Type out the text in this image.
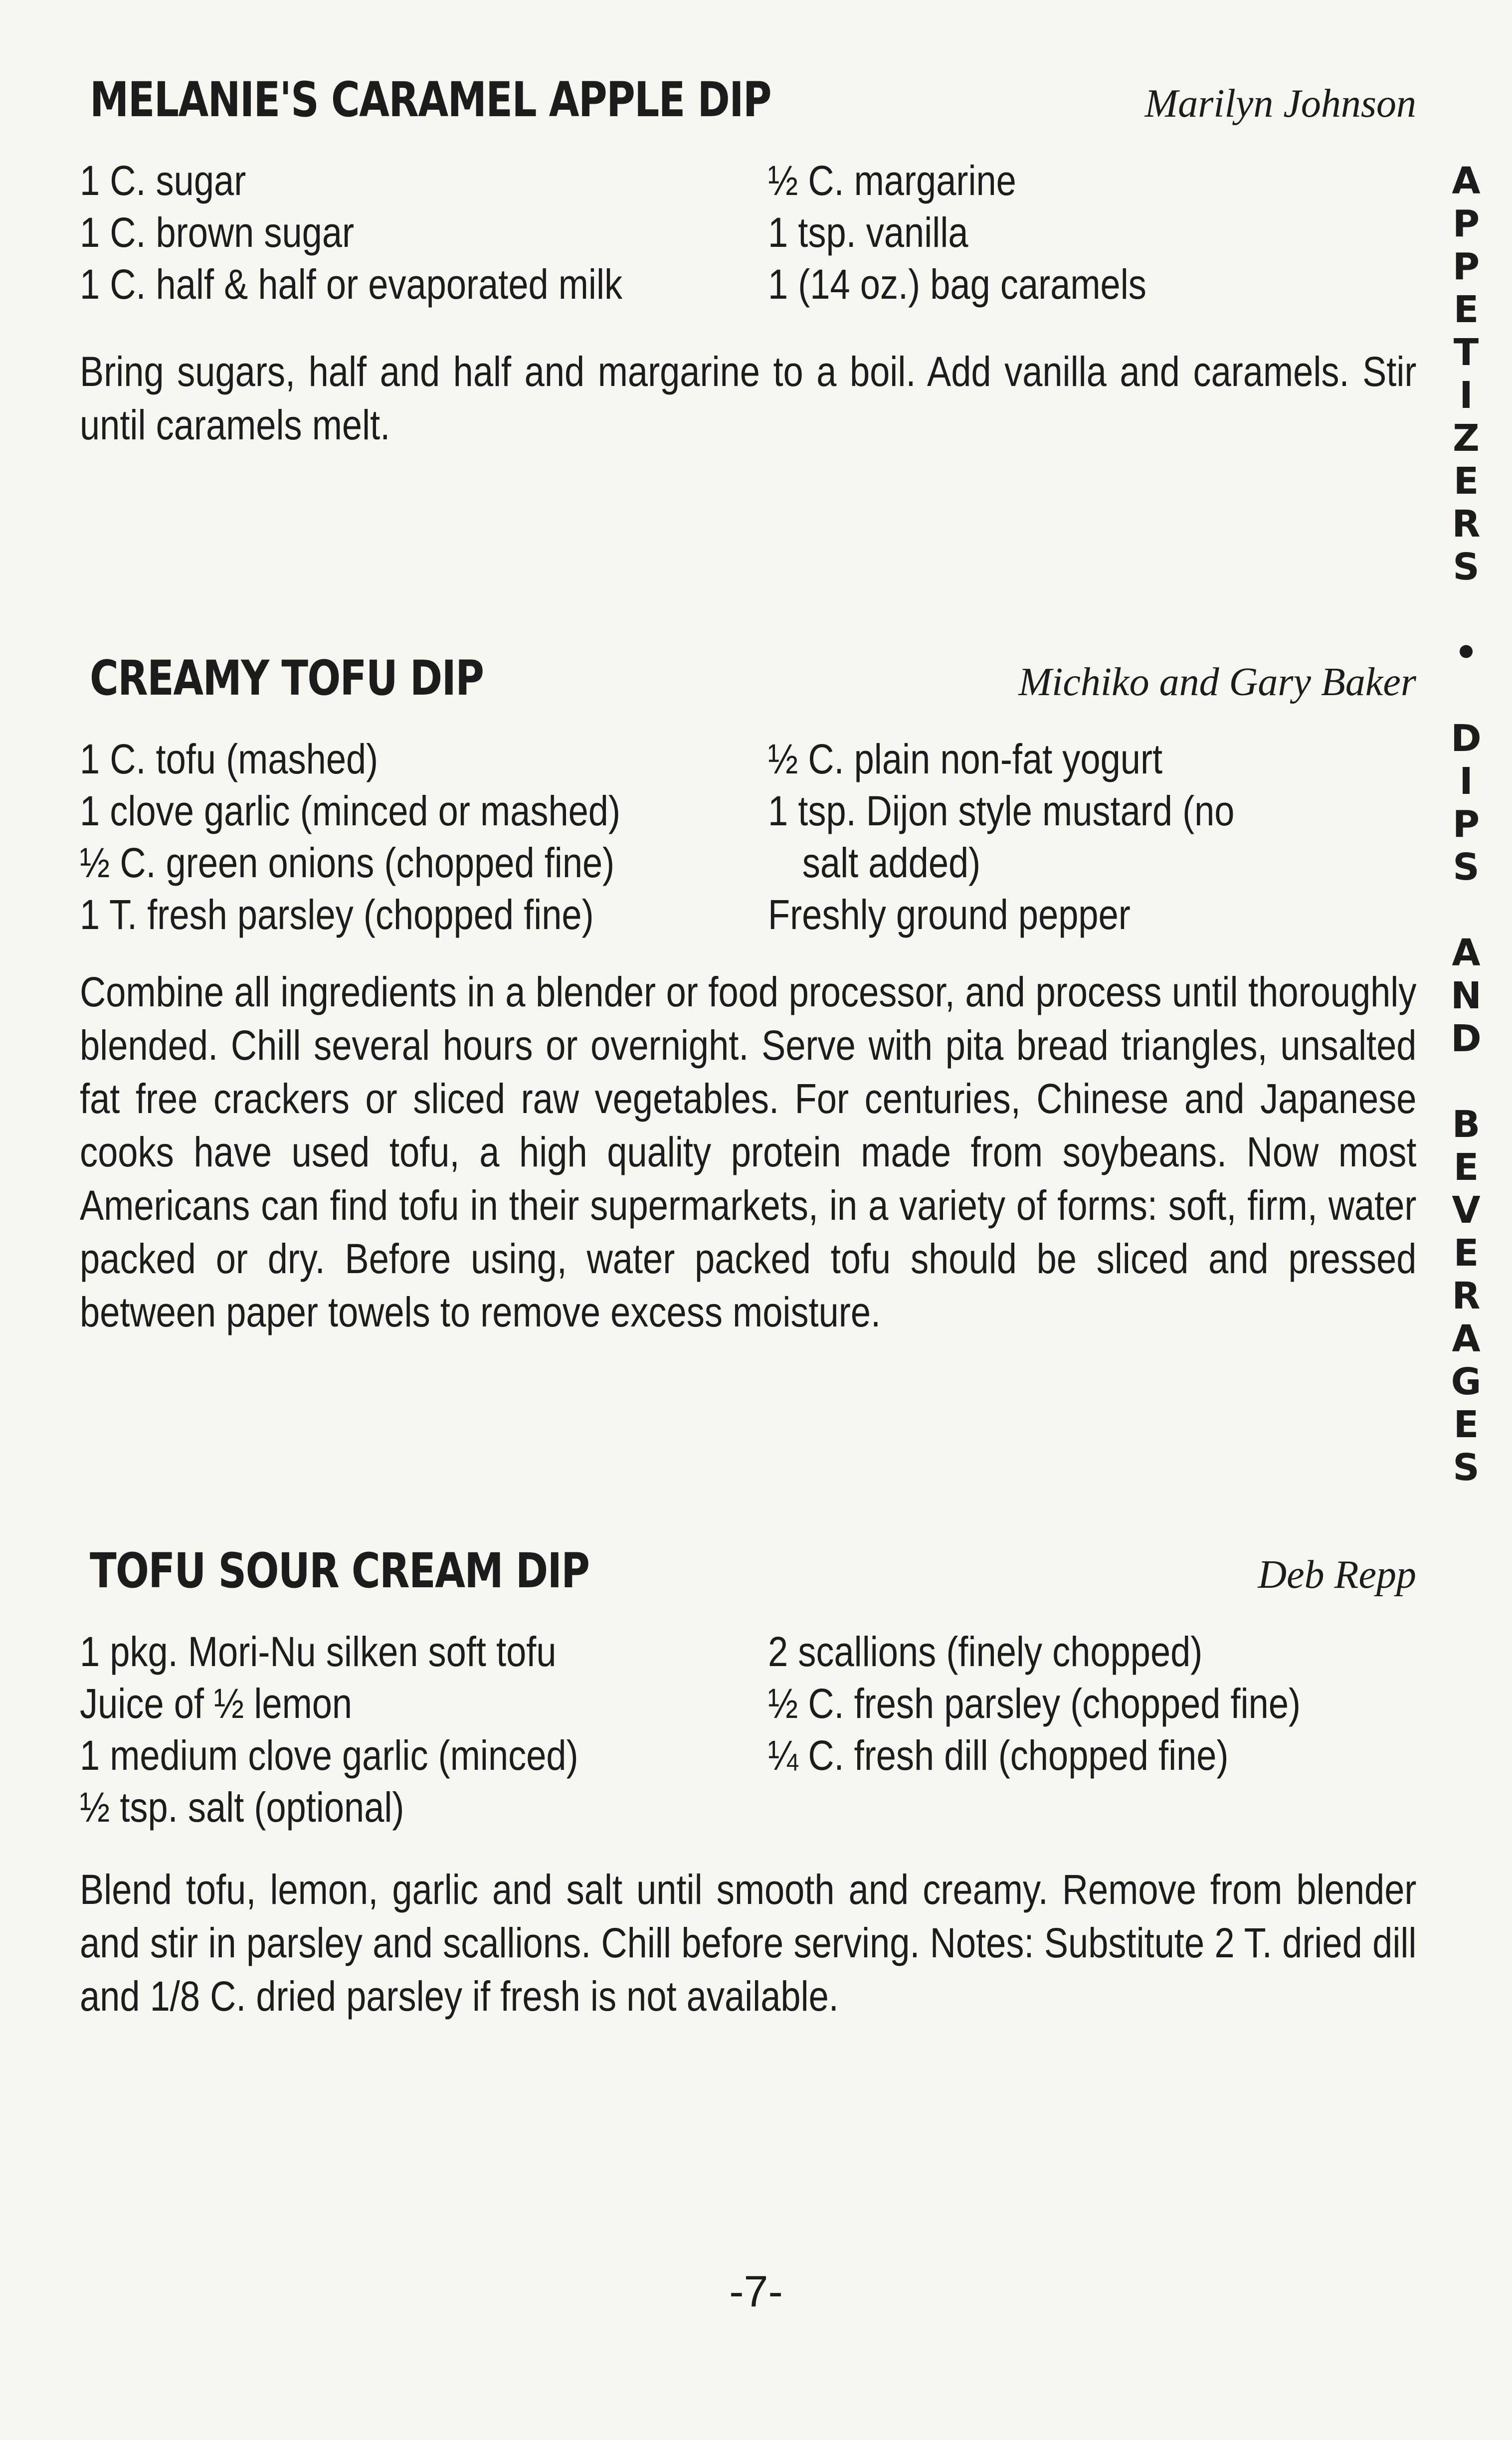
MELANIE'S CARAMEL APPLE DIP	Marilyn Johnson
1 C. sugar
1 C. brown sugar
1 C. half & half or evaporated milk
½ C. margarine
1 tsp. vanilla
1 (14 oz.) bag caramels
Bring sugars, half and half and margarine to a boil. Add vanilla and caramels. Stir until caramels melt.
CREAMY TOFU DIP	Michiko and Gary Baker
1 C. tofu (mashed)
1 clove garlic (minced or mashed)
½ C. green onions (chopped fine)
1 T. fresh parsley (chopped fine)
½ C. plain non-fat yogurt
1 tsp. Dijon style mustard (no salt added)
Freshly ground pepper
Combine all ingredients in a blender or food processor, and process until thoroughly blended. Chill several hours or overnight. Serve with pita bread triangles, unsalted fat free crackers or sliced raw vegetables. For centuries, Chinese and Japanese cooks have used tofu, a high quality protein made from soybeans. Now most Americans can find tofu in their supermarkets, in a variety of forms: soft, firm, water packed or dry. Before using, water packed tofu should be sliced and pressed between paper towels to remove excess moisture.
TOFU SOUR CREAM DIP	Deb Repp
1 pkg. Mori-Nu silken soft tofu
Juice of ½ lemon
1 medium clove garlic (minced)
½ tsp. salt (optional)
2 scallions (finely chopped)
½ C. fresh parsley (chopped fine)
¼ C. fresh dill (chopped fine)
Blend tofu, lemon, garlic and salt until smooth and creamy. Remove from blender and stir in parsley and scallions. Chill before serving. Notes: Substitute 2 T. dried dill and 1/8 C. dried parsley if fresh is not available.
A
P
P
E
T
I
Z
E
R
S
•
D
I
P
S
A
N
D
B
E
V
E
R
A
G
E
S
-7-
